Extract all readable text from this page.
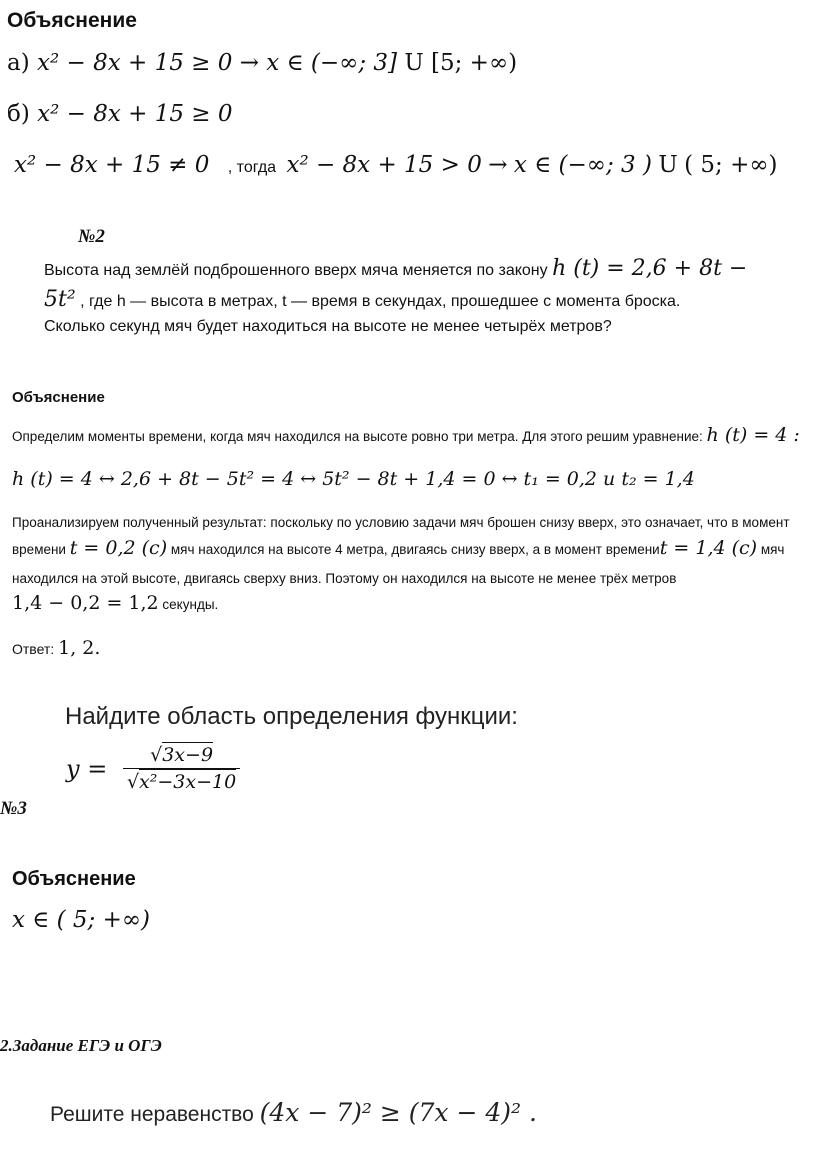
Объяснение
а) x² − 8x + 15 ≥ 0 → x ∈ (−∞; 3] U [5; +∞)
б) x² − 8x + 15 ≥ 0
x² − 8x + 15 ≠ 0 , тогда x² − 8x + 15 > 0 → x ∈ (−∞; 3 ) U ( 5; +∞)
№2
Высота над землёй подброшенного вверх мяча меняется по закону h (t) = 2,6 + 8t −
5t² , где h — высота в метрах, t — время в секундах, прошедшее с момента броска.
Сколько секунд мяч будет находиться на высоте не менее четырёх метров?
Объяснение
Определим моменты времени, когда мяч находился на высоте ровно три метра. Для этого решим уравнение: h (t) = 4 :
h (t) = 4 ↔ 2,6 + 8t − 5t² = 4 ↔ 5t² − 8t + 1,4 = 0 ↔ t₁ = 0,2 и t₂ = 1,4
Проанализируем полученный результат: поскольку по условию задачи мяч брошен снизу вверх, это означает, что в момент
времени t = 0,2 (c) мяч находился на высоте 4 метра, двигаясь снизу вверх, а в момент времениt = 1,4 (c) мяч
находился на этой высоте, двигаясь сверху вниз. Поэтому он находился на высоте не менее трёх метров
1,4 − 0,2 = 1,2 секунды.
Ответ: 1, 2.
Найдите область определения функции:
$y = \frac{√3x-9}{\text{√x²−3x−10}}$
№3
Объяснение
x ∈ ( 5; +∞)
2.Задание ЕГЭ и ОГЭ
Решите неравенство (4x − 7)² ≥ (7x − 4)² .
